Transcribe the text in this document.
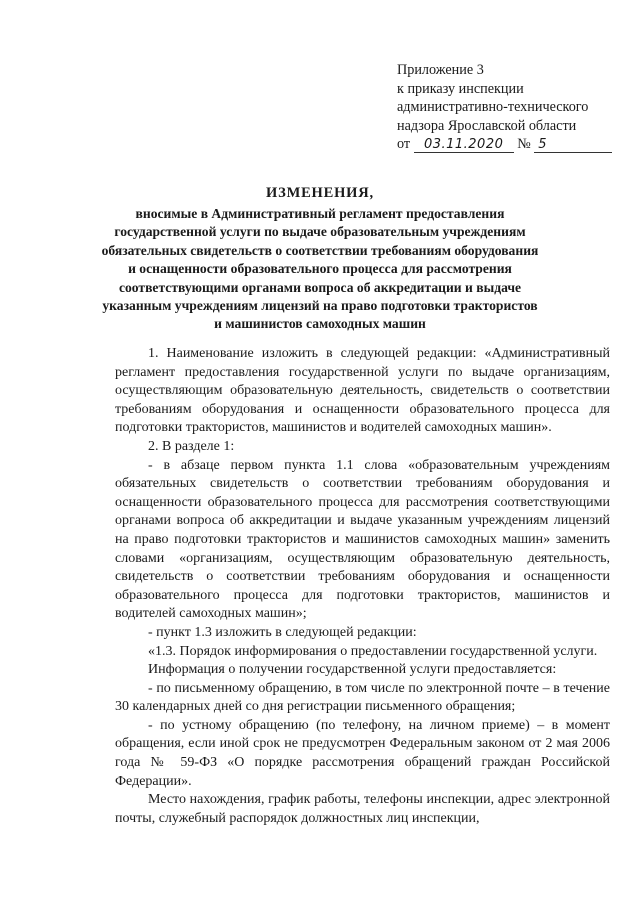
Приложение 3
к приказу инспекции
административно-технического
надзора Ярославской области
от 03.11.2020 № 5
ИЗМЕНЕНИЯ,
вносимые в Административный регламент предоставления государственной услуги по выдаче образовательным учреждениям обязательных свидетельств о соответствии требованиям оборудования и оснащенности образовательного процесса для рассмотрения соответствующими органами вопроса об аккредитации и выдаче указанным учреждениям лицензий на право подготовки трактористов и машинистов самоходных машин

1. Наименование изложить в следующей редакции: «Административный регламент предоставления государственной услуги по выдаче организациям, осуществляющим образовательную деятельность, свидетельств о соответствии требованиям оборудования и оснащенности образовательного процесса для подготовки трактористов, машинистов и водителей самоходных машин».

2. В разделе 1:

- в абзаце первом пункта 1.1 слова «образовательным учреждениям обязательных свидетельств о соответствии требованиям оборудования и оснащенности образовательного процесса для рассмотрения соответствующими органами вопроса об аккредитации и выдаче указанным учреждениям лицензий на право подготовки трактористов и машинистов самоходных машин» заменить словами «организациям, осуществляющим образовательную деятельность, свидетельств о соответствии требованиям оборудования и оснащенности образовательного процесса для подготовки трактористов, машинистов и водителей самоходных машин»;

- пункт 1.3 изложить в следующей редакции:

«1.3. Порядок информирования о предоставлении государственной услуги.

Информация о получении государственной услуги предоставляется:

- по письменному обращению, в том числе по электронной почте – в течение 30 календарных дней со дня регистрации письменного обращения;

- по устному обращению (по телефону, на личном приеме) – в момент обращения, если иной срок не предусмотрен Федеральным законом от 2 мая 2006 года № 59-ФЗ «О порядке рассмотрения обращений граждан Российской Федерации».

Место нахождения, график работы, телефоны инспекции, адрес электронной почты, служебный распорядок должностных лиц инспекции,
